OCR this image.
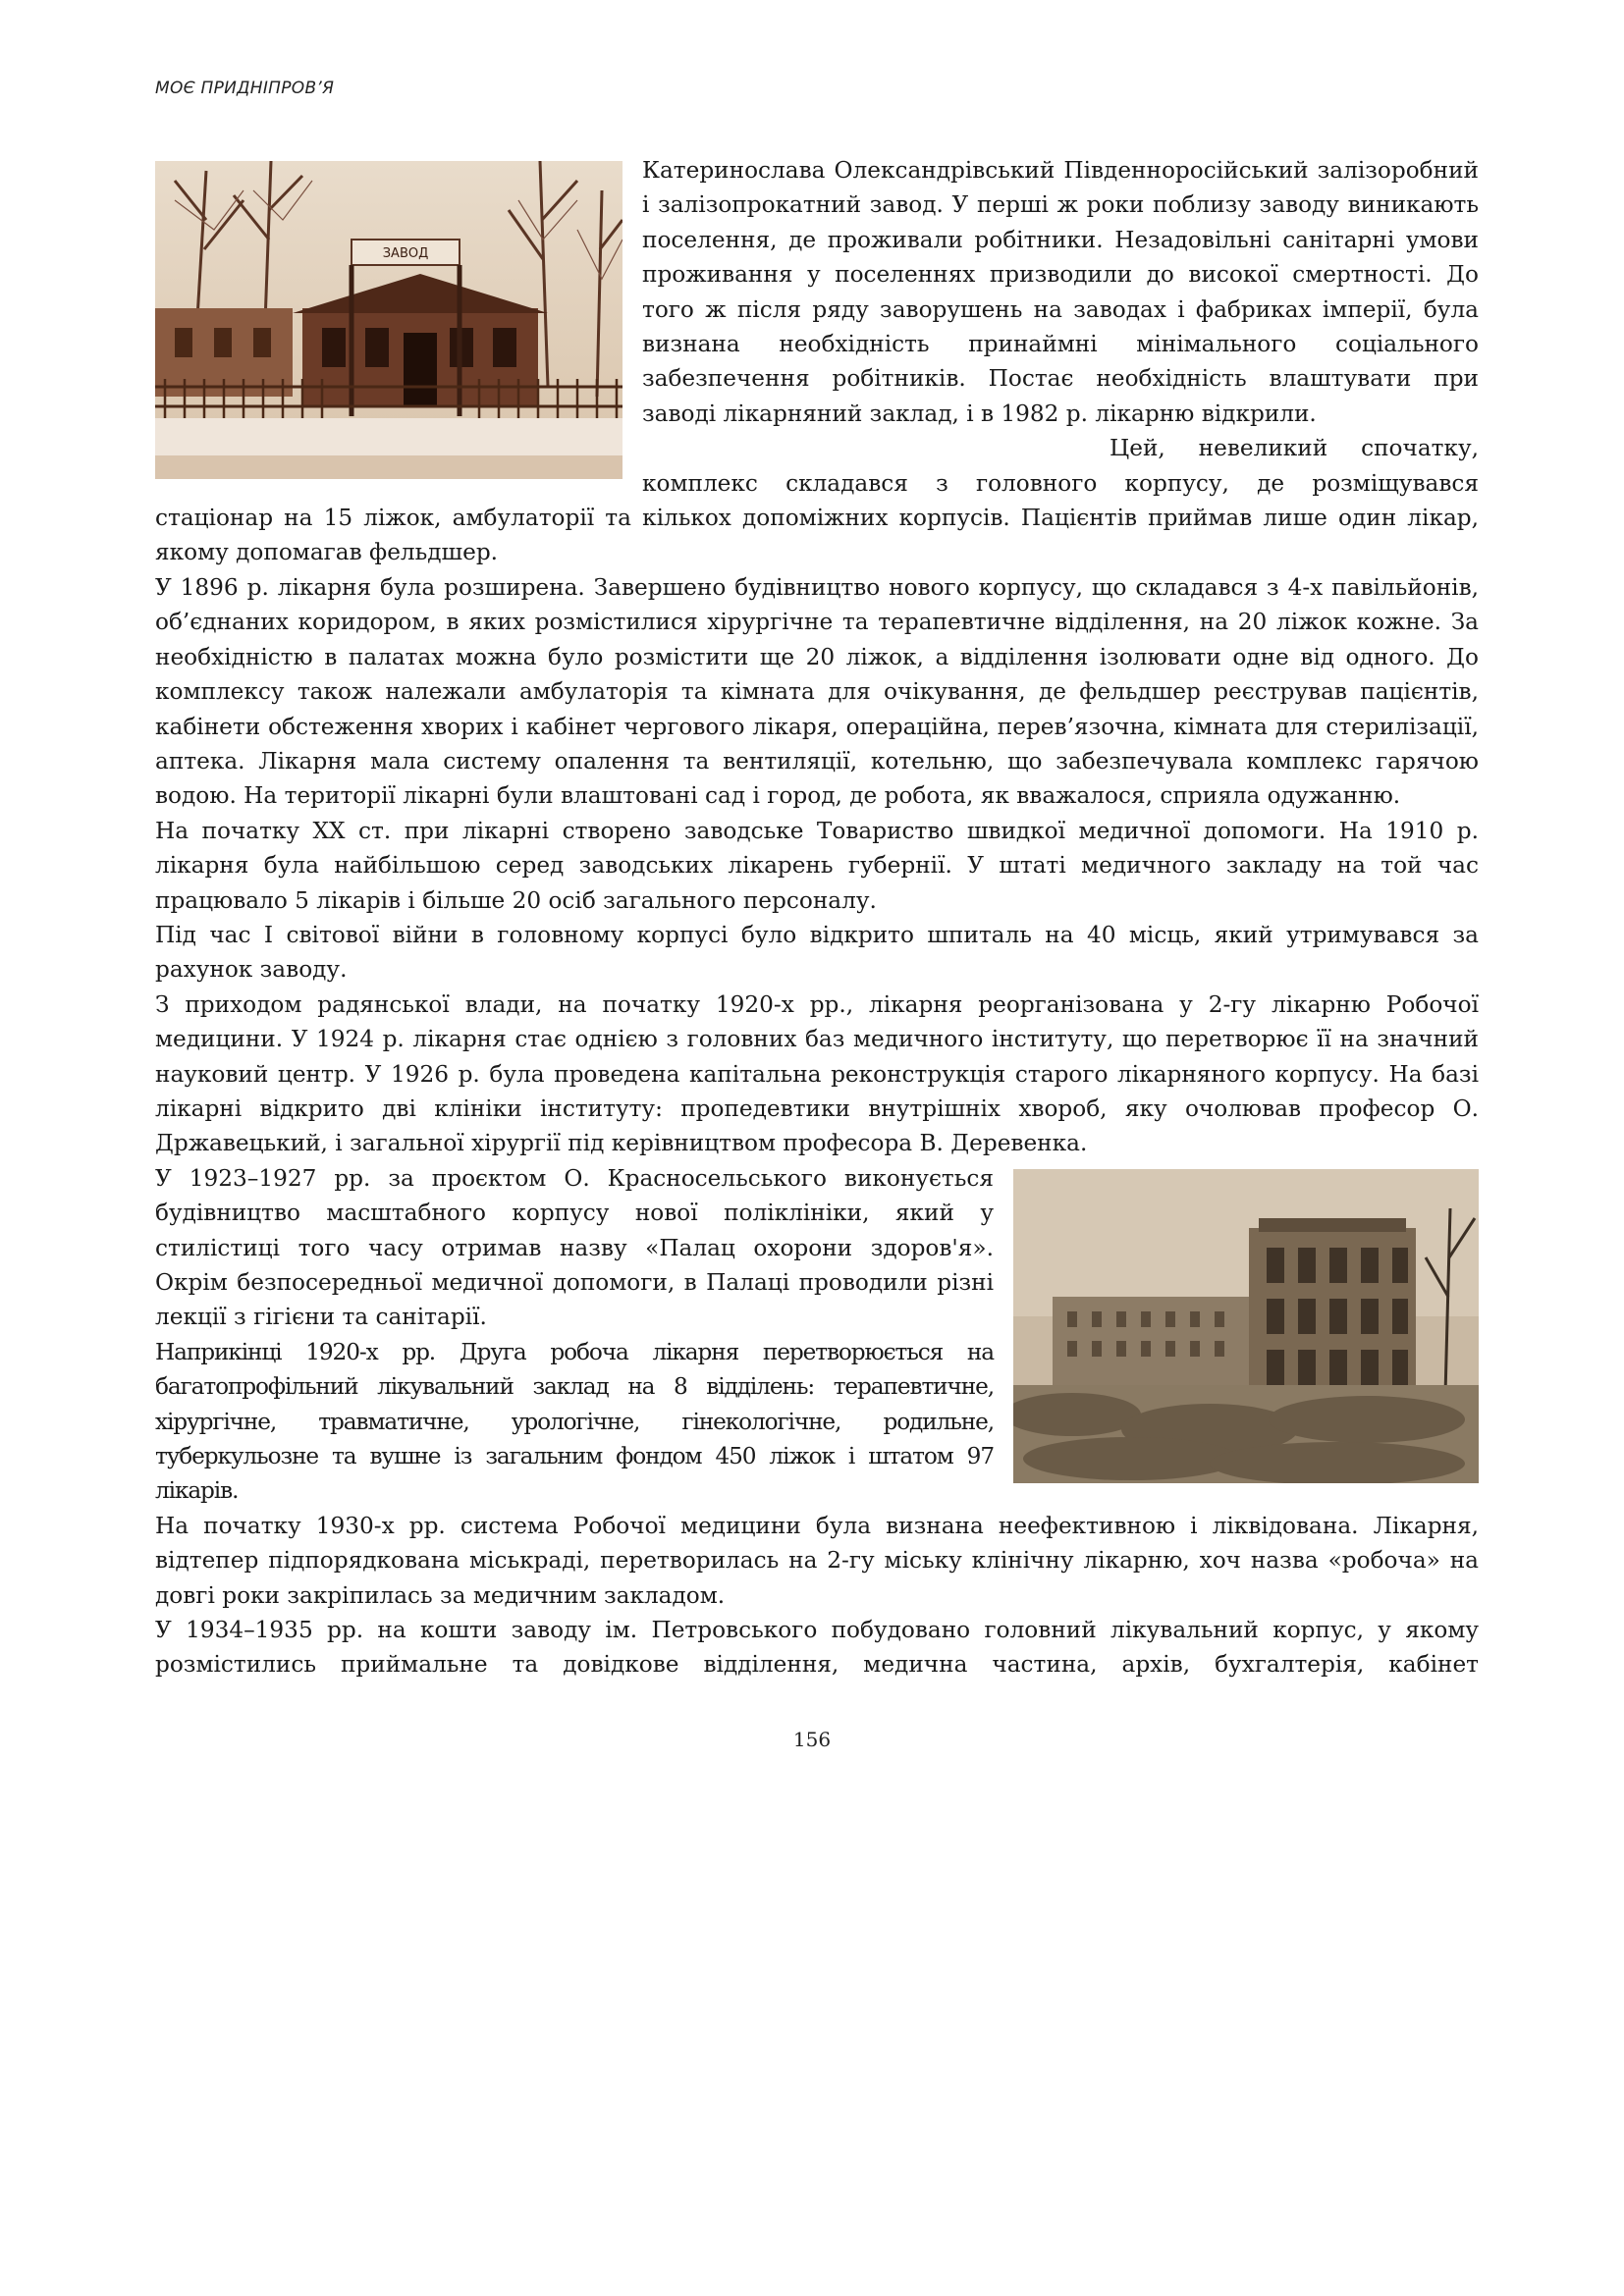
МОЄ ПРИДНІПРОВ’Я
ЗАВОД

Катеринослава Олександрівський Південноросійський залізоробний і залізопрокатний завод. У перші ж роки поблизу заводу виникають поселення, де проживали робітники. Незадовільні санітарні умови проживання у поселеннях призводили до високої смертності. До того ж після ряду заворушень на заводах і фабриках імперії, була визнана необхідність принаймні мінімального соціального забезпечення робітників. Постає необхідність влаштувати при заводі лікарняний заклад, і в 1982 р. лікарню відкрили.

Цей, невеликий спочатку, комплекс складався з головного корпусу, де розміщувався стаціонар на 15 ліжок, амбулаторії та кількох допоміжних корпусів. Пацієнтів приймав лише один лікар, якому допомагав фельдшер.

У 1896 р. лікарня була розширена. Завершено будівництво нового корпусу, що складався з 4-х павільйонів, об’єднаних коридором, в яких розмістилися хірургічне та терапевтичне відділення, на 20 ліжок кожне. За необхідністю в палатах можна було розмістити ще 20 ліжок, а відділення ізолювати одне від одного. До комплексу також належали амбулаторія та кімната для очікування, де фельдшер реєстрував пацієнтів, кабінети обстеження хворих і кабінет чергового лікаря, операційна, перев’язочна, кімната для стерилізації, аптека. Лікарня мала систему опалення та вентиляції, котельню, що забезпечувала комплекс гарячою водою. На території лікарні були влаштовані сад і город, де робота, як вважалося, сприяла одужанню.

На початку ХХ ст. при лікарні створено заводське Товариство швидкої медичної допомоги. На 1910 р. лікарня була найбільшою серед заводських лікарень губернії. У штаті медичного закладу на той час працювало 5 лікарів і більше 20 осіб загального персоналу.

Під час І світової війни в головному корпусі було відкрито шпиталь на 40 місць, який утримувався за рахунок заводу.

З приходом радянської влади, на початку 1920-х рр., лікарня реорганізована у 2-гу лікарню Робочої медицини. У 1924 р. лікарня стає однією з головних баз медичного інституту, що перетворює її на значний науковий центр. У 1926 р. була проведена капітальна реконструкція старого лікарняного корпусу. На базі лікарні відкрито дві клініки інституту: пропедевтики внутрішніх хвороб, яку очолював професор О. Државецький, і загальної хірургії під керівництвом професора В. Деревенка.

У 1923–1927 рр. за проєктом О. Красносельського виконується будівництво масштабного корпусу нової поліклініки, який у стилістиці того часу отримав назву «Палац охорони здоров'я». Окрім безпосередньої медичної допомоги, в Палаці проводили різні лекції з гігієни та санітарії.

Наприкінці 1920-х рр. Друга робоча лікарня перетворюється на багатопрофільний лікувальний заклад на 8 відділень: терапевтичне, хірургічне, травматичне, урологічне, гінекологічне, родильне, туберкульозне та вушне із загальним фондом 450 ліжок і штатом 97 лікарів.

На початку 1930-х рр. система Робочої медицини була визнана неефективною і ліквідована. Лікарня, відтепер підпорядкована міськраді, перетворилась на 2-гу міську клінічну лікарню, хоч назва «робоча» на довгі роки закріпилась за медичним закладом.

У 1934–1935 рр. на кошти заводу ім. Петровського побудовано головний лікувальний корпус, у якому розмістились приймальне та довідкове відділення, медична частина, архів, бухгалтерія, кабінет

156
